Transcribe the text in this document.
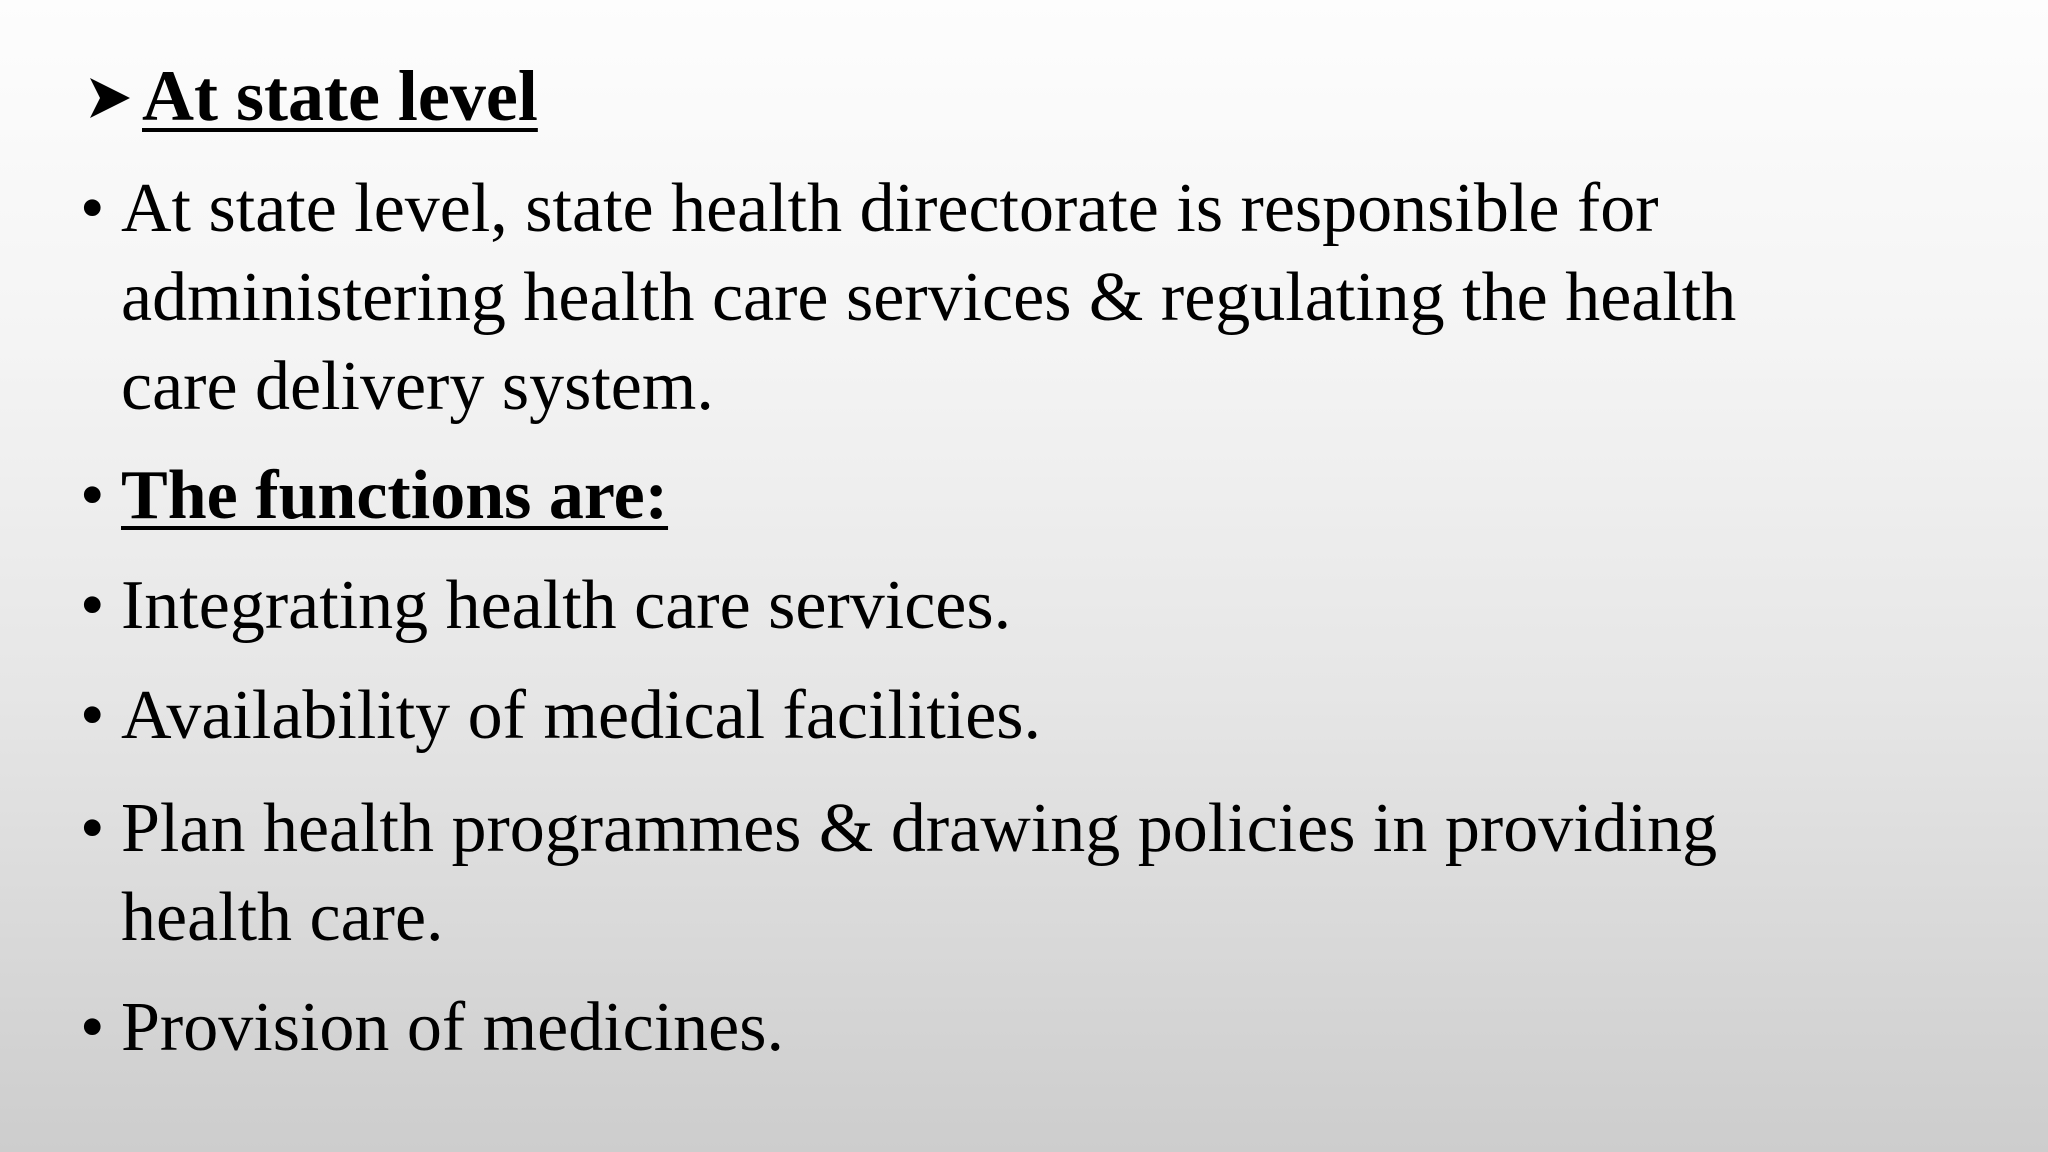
At state level
• At state level, state health directorate is responsible for
administering health care services & regulating the health
care delivery system.
• The functions are:
• Integrating health care services.
• Availability of medical facilities.
• Plan health programmes & drawing policies in providing
health care.
• Provision of medicines.
